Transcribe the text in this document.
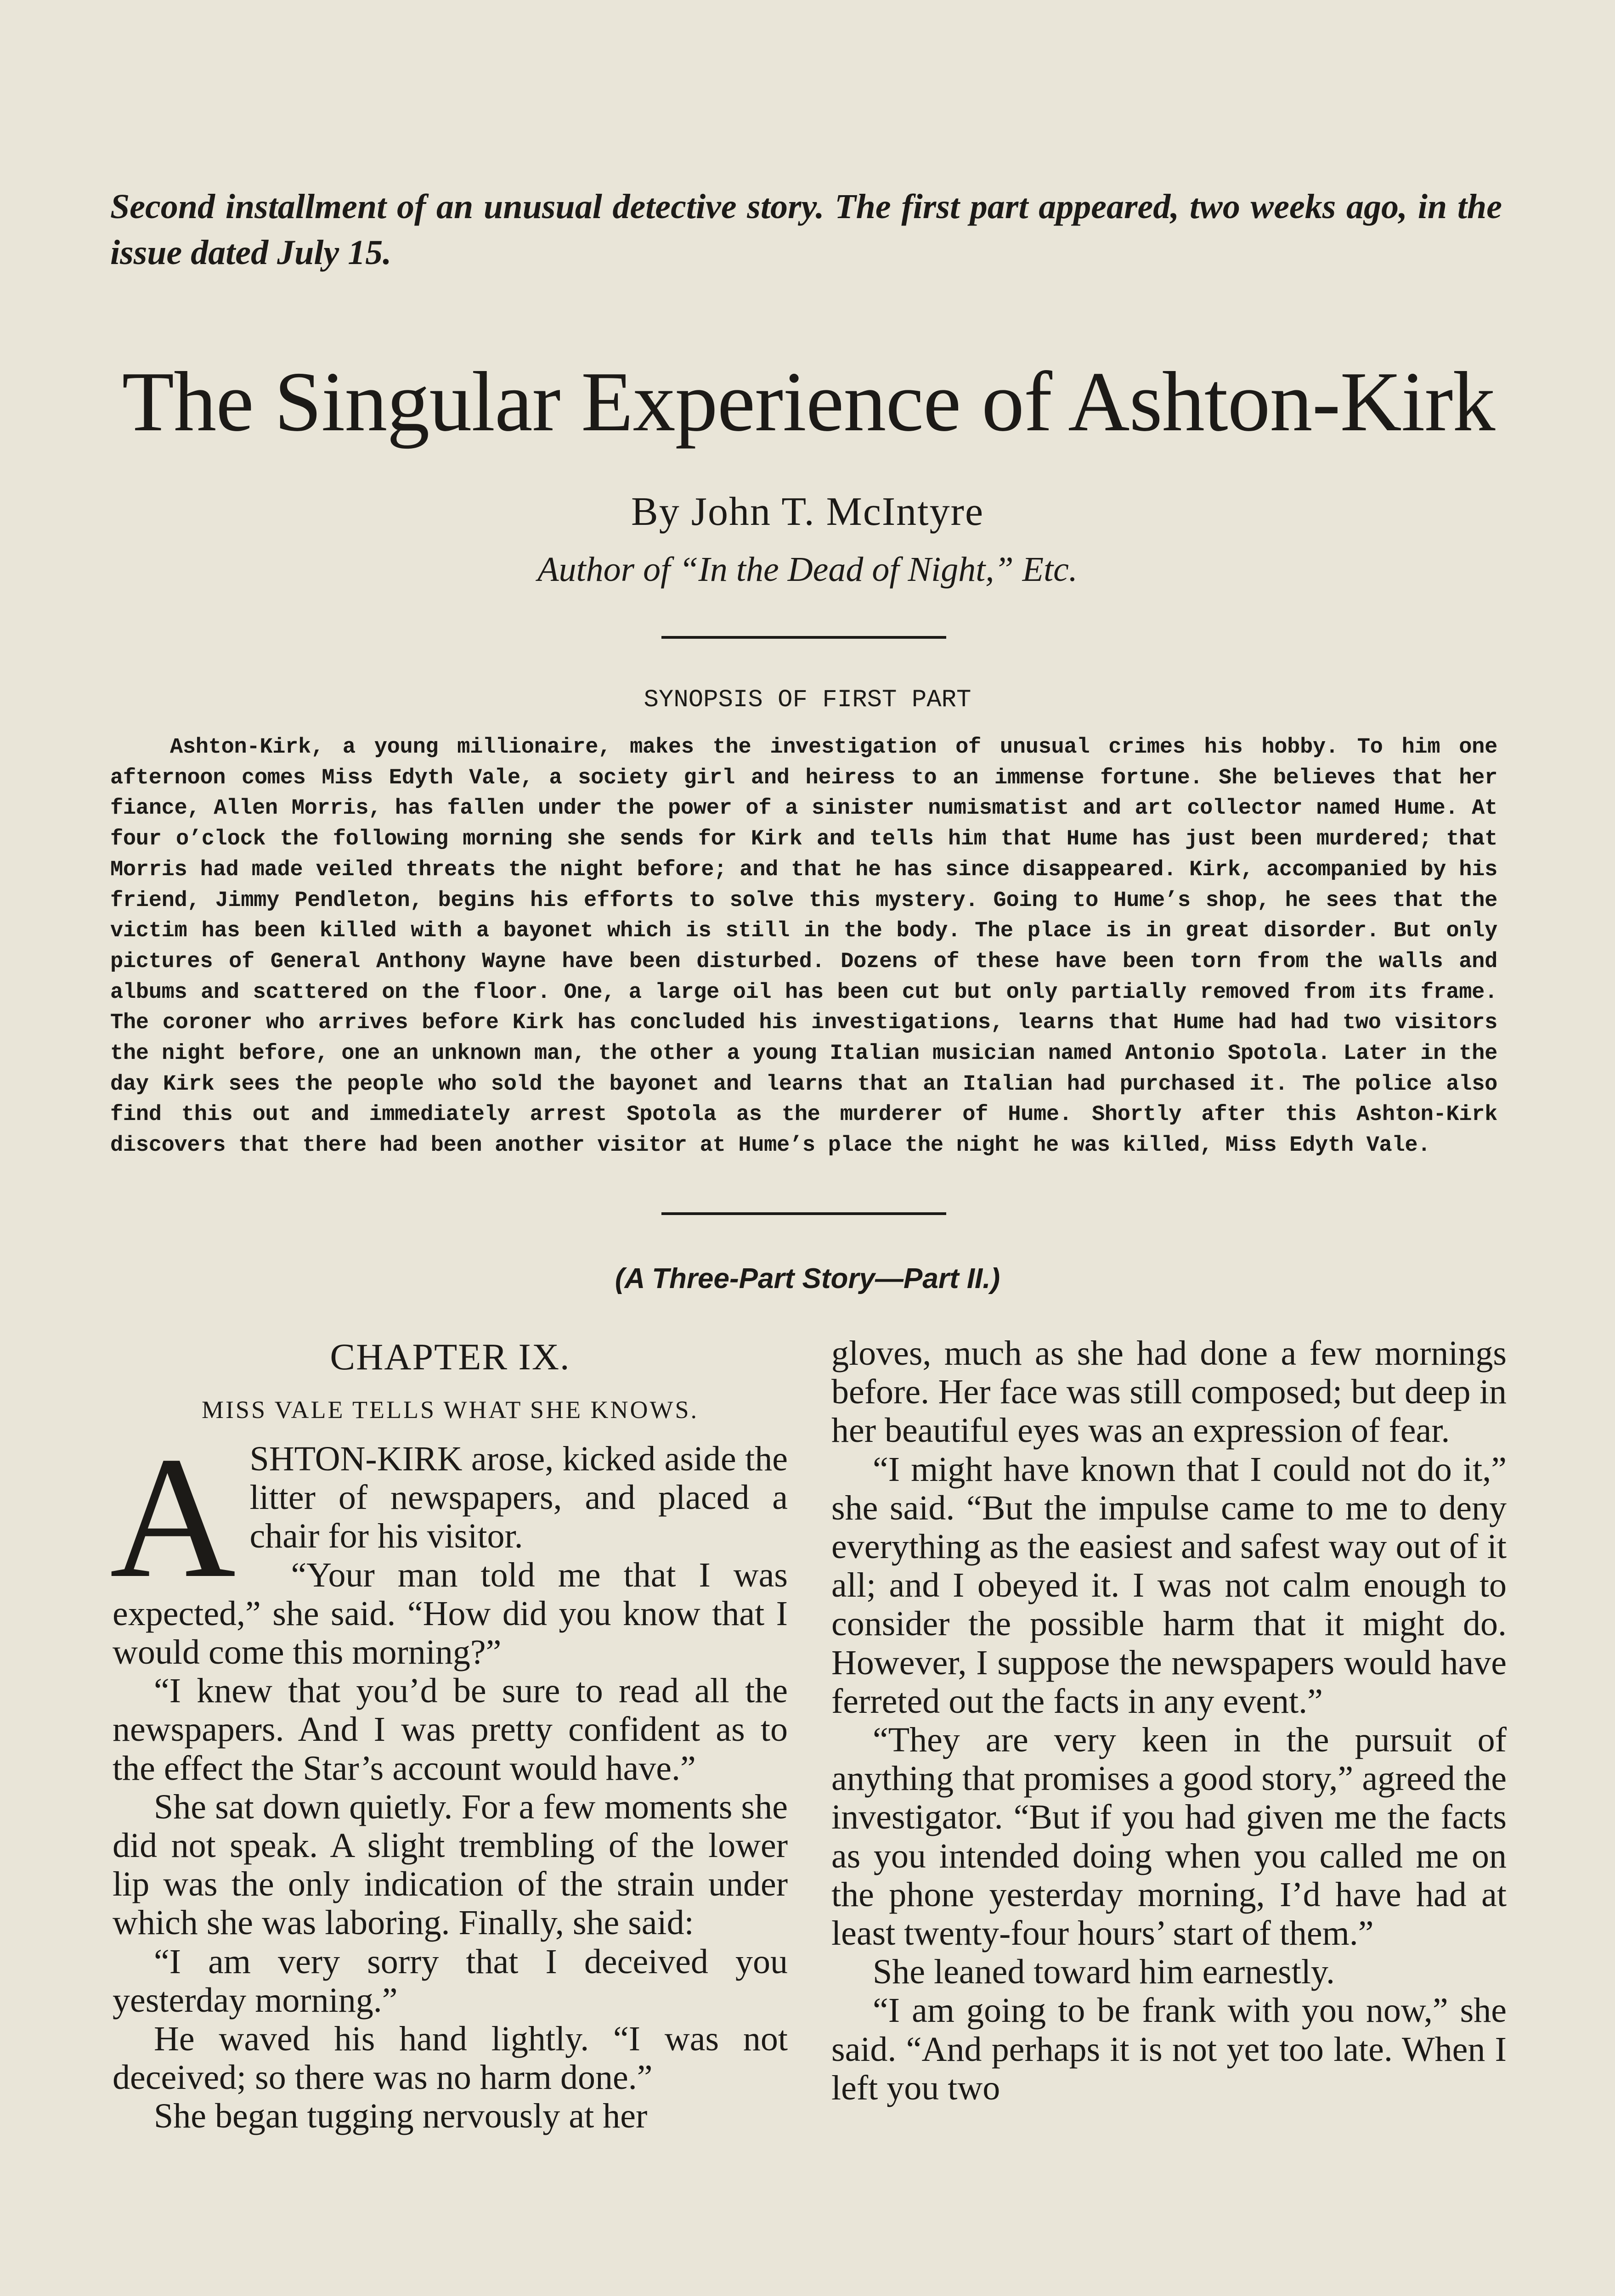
Second installment of an unusual detective story. The first part appeared, two weeks ago, in the issue dated July 15.
The Singular Experience of Ashton-Kirk
By John T. McIntyre
Author of “In the Dead of Night,” Etc.
SYNOPSIS OF FIRST PART
Ashton-Kirk, a young millionaire, makes the investigation of unusual crimes his hobby. To him one afternoon comes Miss Edyth Vale, a society girl and heiress to an immense fortune. She believes that her fiance, Allen Morris, has fallen under the power of a sinister numismatist and art collector named Hume. At four o’clock the following morning she sends for Kirk and tells him that Hume has just been murdered; that Morris had made veiled threats the night before; and that he has since disappeared. Kirk, accompanied by his friend, Jimmy Pendleton, begins his efforts to solve this mystery. Going to Hume’s shop, he sees that the victim has been killed with a bayonet which is still in the body. The place is in great disorder. But only pictures of General Anthony Wayne have been disturbed. Dozens of these have been torn from the walls and albums and scattered on the floor. One, a large oil has been cut but only partially removed from its frame. The coroner who arrives before Kirk has concluded his investigations, learns that Hume had had two visitors the night before, one an unknown man, the other a young Italian musician named Antonio Spotola. Later in the day Kirk sees the people who sold the bayonet and learns that an Italian had purchased it. The police also find this out and immediately arrest Spotola as the murderer of Hume. Shortly after this Ashton-Kirk discovers that there had been another visitor at Hume’s place the night he was killed, Miss Edyth Vale.
(A Three-Part Story—Part II.)
CHAPTER IX.
MISS VALE TELLS WHAT SHE KNOWS.

ASHTON-KIRK arose, kicked aside the litter of newspapers, and placed a chair for his visitor.

“Your man told me that I was expected,” she said. “How did you know that I would come this morning?”

“I knew that you’d be sure to read all the newspapers. And I was pretty confident as to the effect the Star’s account would have.”

She sat down quietly. For a few moments she did not speak. A slight trembling of the lower lip was the only indication of the strain under which she was laboring. Finally, she said:

“I am very sorry that I deceived you yesterday morning.”

He waved his hand lightly. “I was not deceived; so there was no harm done.”

She began tugging nervously at her

gloves, much as she had done a few mornings before. Her face was still composed; but deep in her beautiful eyes was an expression of fear.

“I might have known that I could not do it,” she said. “But the impulse came to me to deny everything as the easiest and safest way out of it all; and I obeyed it. I was not calm enough to consider the possible harm that it might do. However, I suppose the newspapers would have ferreted out the facts in any event.”

“They are very keen in the pursuit of anything that promises a good story,” agreed the investigator. “But if you had given me the facts as you intended doing when you called me on the phone yesterday morning, I’d have had at least twenty-four hours’ start of them.”

She leaned toward him earnestly.

“I am going to be frank with you now,” she said. “And perhaps it is not yet too late. When I left you two
